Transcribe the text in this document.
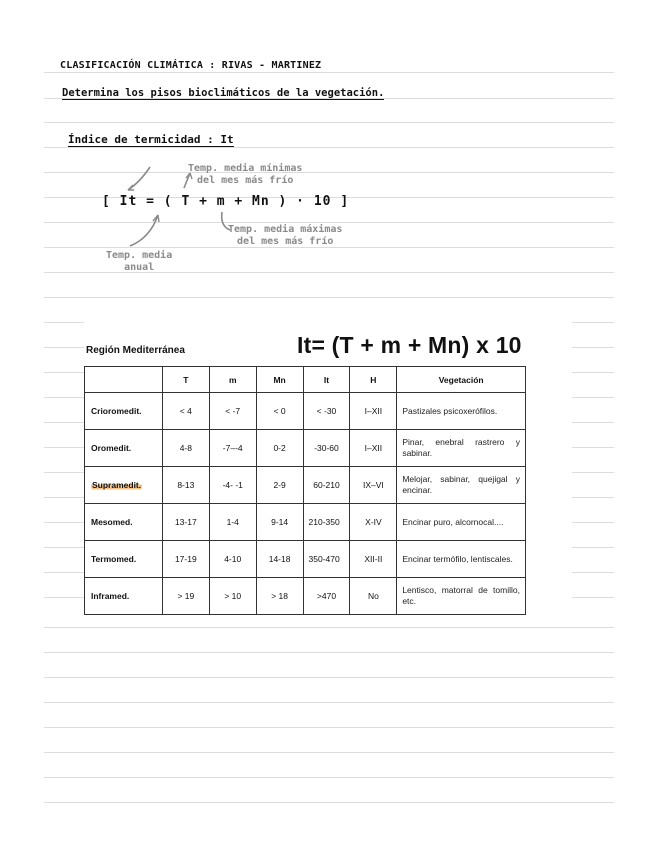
CLASIFICACIÓN CLIMÁTICA : RIVAS - MARTINEZ
Determina los pisos bioclimáticos de la vegetación.
Índice de termicidad : It
[ It = ( T + m + Mn ) · 10 ]
Temp. media mínimas
del mes más frío
Temp. media máximas
del mes más frío
Temp. media
anual
Región Mediterránea	It= (T + m + Mn) x 10
	T	m	Mn	It	H	Vegetación
Crioromedit.	< 4	< -7	< 0	< -30	I–XII	Pastizales psicoxerófilos.
Oromedit.	4-8	-7–-4	0-2	-30-60	I–XII	Pinar, enebral rastrero y sabinar.
Supramedit.	8-13	-4- -1	2-9	60-210	IX–VI	Melojar, sabinar, quejigal y encinar.
Mesomed.	13-17	1-4	9-14	210-350	X-IV	Encinar puro, alcornocal....
Termomed.	17-19	4-10	14-18	350-470	XII-II	Encinar termófilo, lentiscales.
Inframed.	> 19	> 10	> 18	>470	No	Lentisco, matorral de tomillo, etc.
